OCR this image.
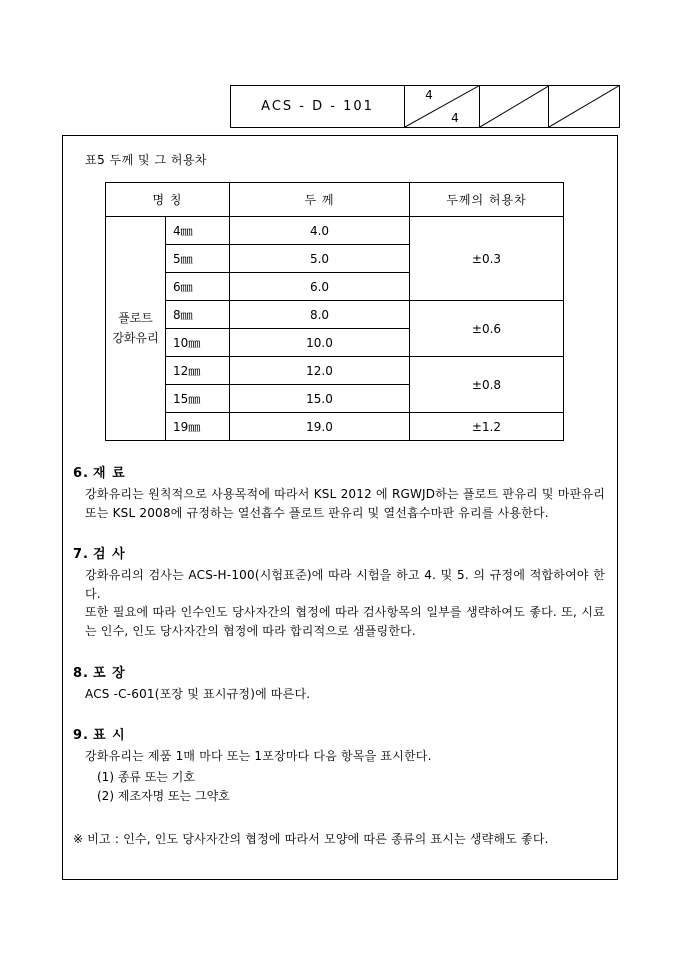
ACS - D - 101
4
4
표5 두께 및 그 허용차
명 칭		두 께	두께의 허용차

플로트
강화유리	4㎜	4.0	±0.3
	5㎜	5.0	
	6㎜	6.0	
	8㎜	8.0	±0.6
	10㎜	10.0	
	12㎜	12.0	±0.8
	15㎜	15.0	
	19㎜	19.0	±1.2
6. 재 료

강화유리는 원칙적으로 사용목적에 따라서 KSL 2012 에 RGWJD하는 플로트 판유리 및 마판유리 또는 KSL 2008에 규정하는 열선흡수 플로트 판유리 및 열선흡수마판 유리를 사용한다.

7. 검 사

강화유리의 검사는 ACS-H-100(시험표준)에 따라 시험을 하고 4. 및 5. 의 규정에 적합하여야 한다.

또한 필요에 따라 인수인도 당사자간의 협정에 따라 검사항목의 일부를 생략하여도 좋다. 또, 시료는 인수, 인도 당사자간의 협정에 따라 합리적으로 샘플링한다.

8. 포 장

ACS -C-601(포장 및 표시규정)에 따른다.

9. 표 시

강화유리는 제품 1매 마다 또는 1포장마다 다음 항목을 표시한다.

(1) 종류 또는 기호
(2) 제조자명 또는 그약호
※ 비고 : 인수, 인도 당사자간의 협정에 따라서 모양에 따른 종류의 표시는 생략해도 좋다.
